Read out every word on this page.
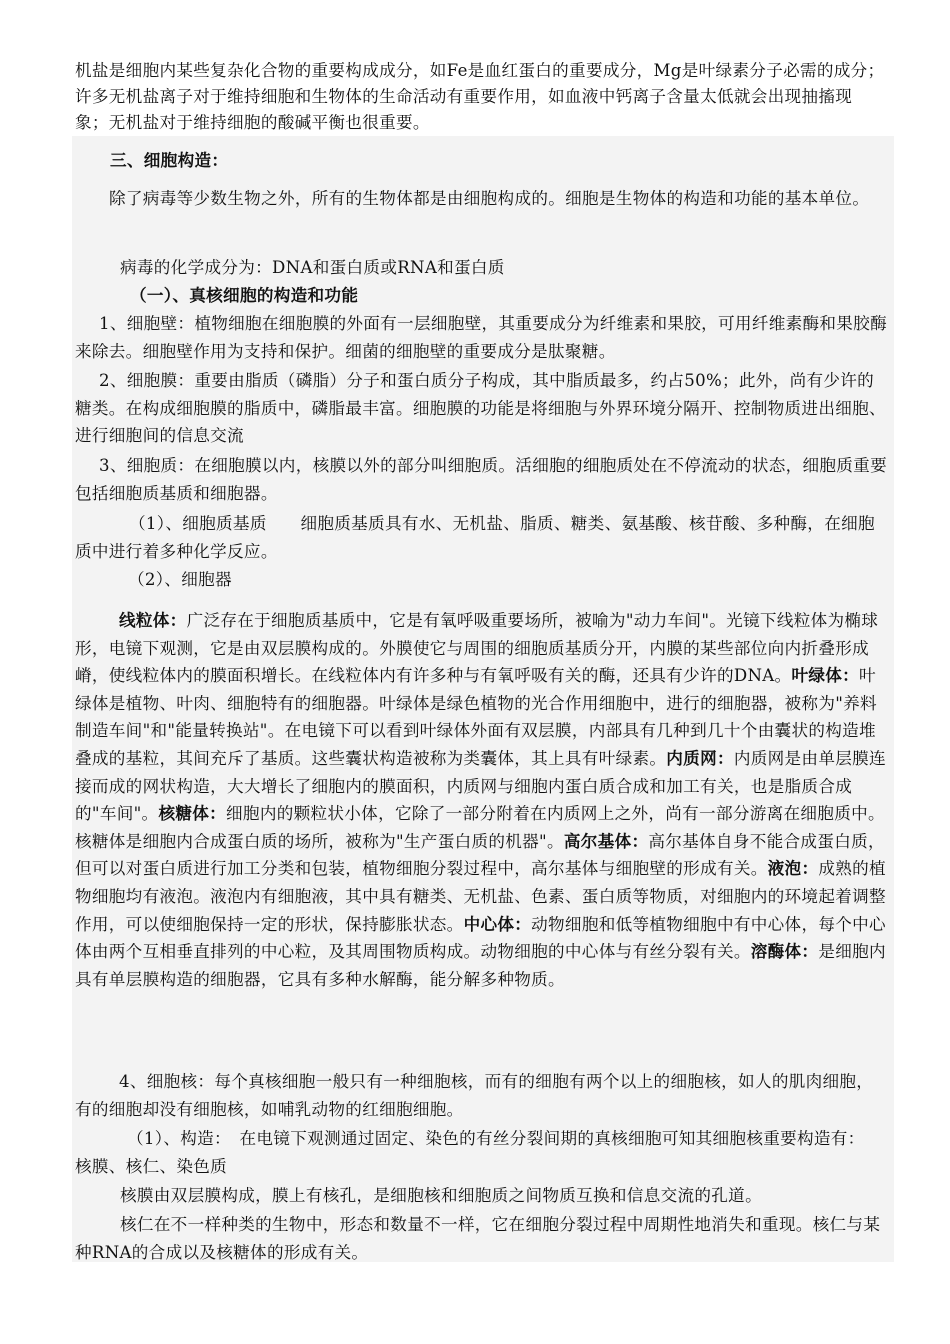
机盐是细胞内某些复杂化合物的重要构成成分，如Fe是血红蛋白的重要成分，Mg是叶绿素分子必需的成分；许多无机盐离子对于维持细胞和生物体的生命活动有重要作用，如血液中钙离子含量太低就会出现抽搐现象；无机盐对于维持细胞的酸碱平衡也很重要。

三、细胞构造：

除了病毒等少数生物之外，所有的生物体都是由细胞构成的。细胞是生物体的构造和功能的基本单位。

病毒的化学成分为：DNA和蛋白质或RNA和蛋白质

（一）、真核细胞的构造和功能

1、细胞壁：植物细胞在细胞膜的外面有一层细胞壁，其重要成分为纤维素和果胶，可用纤维素酶和果胶酶来除去。细胞壁作用为支持和保护。细菌的细胞壁的重要成分是肽聚糖。

2、细胞膜：重要由脂质（磷脂）分子和蛋白质分子构成，其中脂质最多，约占50%；此外，尚有少许的糖类。在构成细胞膜的脂质中，磷脂最丰富。细胞膜的功能是将细胞与外界环境分隔开、控制物质进出细胞、进行细胞间的信息交流

3、细胞质：在细胞膜以内，核膜以外的部分叫细胞质。活细胞的细胞质处在不停流动的状态，细胞质重要包括细胞质基质和细胞器。

（1）、细胞质基质　　细胞质基质具有水、无机盐、脂质、糖类、氨基酸、核苷酸、多种酶，在细胞质中进行着多种化学反应。

（2）、细胞器

线粒体：广泛存在于细胞质基质中，它是有氧呼吸重要场所，被喻为"动力车间"。光镜下线粒体为椭球形，电镜下观测，它是由双层膜构成的。外膜使它与周围的细胞质基质分开，内膜的某些部位向内折叠形成嵴，使线粒体内的膜面积增长。在线粒体内有许多种与有氧呼吸有关的酶，还具有少许的DNA。叶绿体：叶绿体是植物、叶肉、细胞特有的细胞器。叶绿体是绿色植物的光合作用细胞中，进行的细胞器，被称为"养料制造车间"和"能量转换站"。在电镜下可以看到叶绿体外面有双层膜，内部具有几种到几十个由囊状的构造堆叠成的基粒，其间充斥了基质。这些囊状构造被称为类囊体，其上具有叶绿素。内质网：内质网是由单层膜连接而成的网状构造，大大增长了细胞内的膜面积，内质网与细胞内蛋白质合成和加工有关，也是脂质合成的"车间"。核糖体：细胞内的颗粒状小体，它除了一部分附着在内质网上之外，尚有一部分游离在细胞质中。核糖体是细胞内合成蛋白质的场所，被称为"生产蛋白质的机器"。高尔基体：高尔基体自身不能合成蛋白质，但可以对蛋白质进行加工分类和包装，植物细胞分裂过程中，高尔基体与细胞壁的形成有关。液泡：成熟的植物细胞均有液泡。液泡内有细胞液，其中具有糖类、无机盐、色素、蛋白质等物质，对细胞内的环境起着调整作用，可以使细胞保持一定的形状，保持膨胀状态。中心体：动物细胞和低等植物细胞中有中心体，每个中心体由两个互相垂直排列的中心粒，及其周围物质构成。动物细胞的中心体与有丝分裂有关。溶酶体：是细胞内具有单层膜构造的细胞器，它具有多种水解酶，能分解多种物质。

4、细胞核：每个真核细胞一般只有一种细胞核，而有的细胞有两个以上的细胞核，如人的肌肉细胞，有的细胞却没有细胞核，如哺乳动物的红细胞细胞。

（1）、构造：　在电镜下观测通过固定、染色的有丝分裂间期的真核细胞可知其细胞核重要构造有：　核膜、核仁、染色质

核膜由双层膜构成，膜上有核孔，是细胞核和细胞质之间物质互换和信息交流的孔道。

核仁在不一样种类的生物中，形态和数量不一样，它在细胞分裂过程中周期性地消失和重现。核仁与某种RNA的合成以及核糖体的形成有关。
